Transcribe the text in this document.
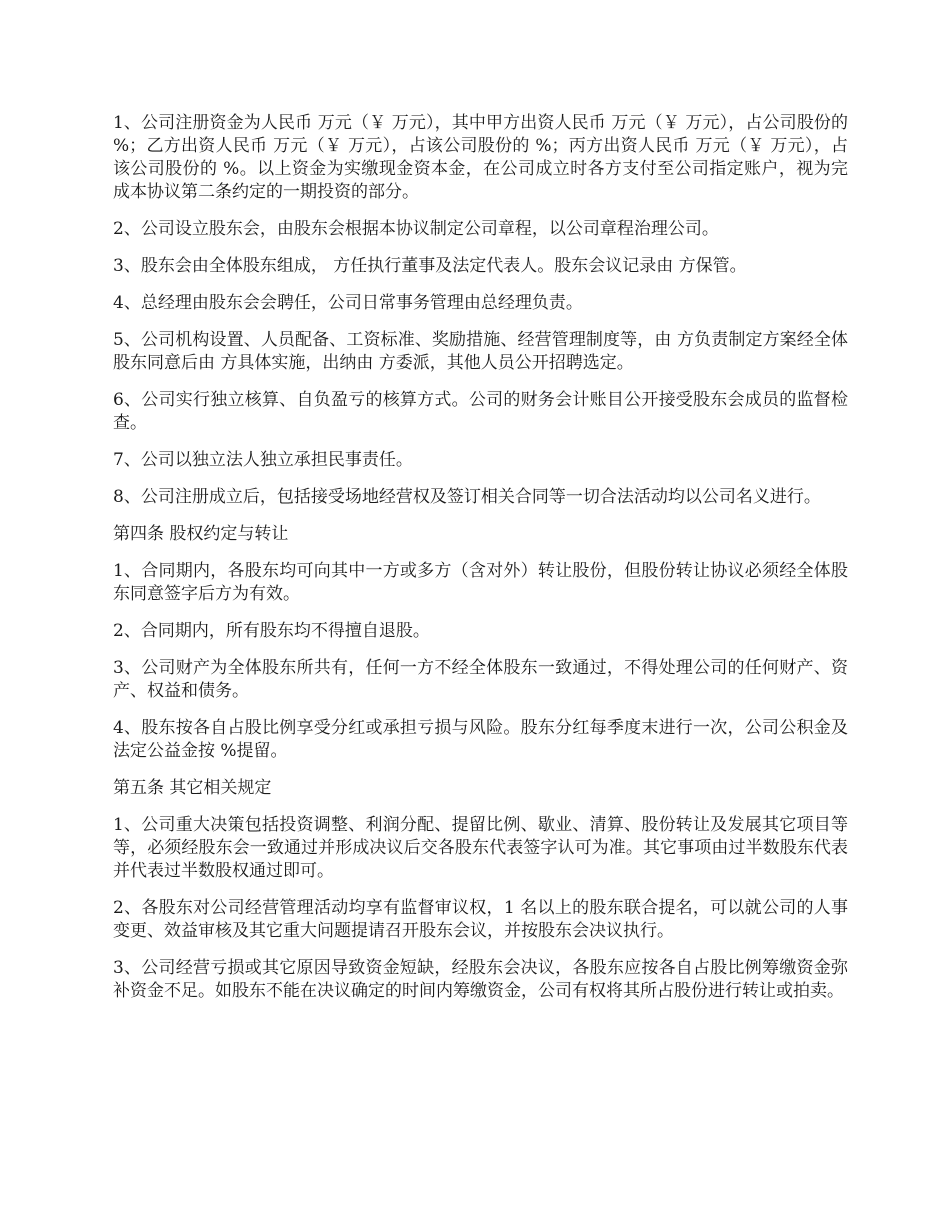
1、公司注册资金为人民币 万元（￥ 万元），其中甲方出资人民币 万元（￥ 万元），占公司股份的 %；乙方出资人民币 万元（￥ 万元），占该公司股份的 %；丙方出资人民币 万元（￥ 万元），占该公司股份的 %。以上资金为实缴现金资本金，在公司成立时各方支付至公司指定账户，视为完成本协议第二条约定的一期投资的部分。

2、公司设立股东会，由股东会根据本协议制定公司章程，以公司章程治理公司。

3、股东会由全体股东组成， 方任执行董事及法定代表人。股东会议记录由 方保管。

4、总经理由股东会会聘任，公司日常事务管理由总经理负责。

5、公司机构设置、人员配备、工资标准、奖励措施、经营管理制度等，由 方负责制定方案经全体股东同意后由 方具体实施，出纳由 方委派，其他人员公开招聘选定。

6、公司实行独立核算、自负盈亏的核算方式。公司的财务会计账目公开接受股东会成员的监督检查。

7、公司以独立法人独立承担民事责任。

8、公司注册成立后，包括接受场地经营权及签订相关合同等一切合法活动均以公司名义进行。

第四条 股权约定与转让

1、合同期内，各股东均可向其中一方或多方（含对外）转让股份，但股份转让协议必须经全体股东同意签字后方为有效。

2、合同期内，所有股东均不得擅自退股。

3、公司财产为全体股东所共有，任何一方不经全体股东一致通过，不得处理公司的任何财产、资产、权益和债务。

4、股东按各自占股比例享受分红或承担亏损与风险。股东分红每季度末进行一次，公司公积金及法定公益金按 %提留。

第五条 其它相关规定

1、公司重大决策包括投资调整、利润分配、提留比例、歇业、清算、股份转让及发展其它项目等等，必须经股东会一致通过并形成决议后交各股东代表签字认可为准。其它事项由过半数股东代表并代表过半数股权通过即可。

2、各股东对公司经营管理活动均享有监督审议权，1 名以上的股东联合提名，可以就公司的人事变更、效益审核及其它重大问题提请召开股东会议，并按股东会决议执行。

3、公司经营亏损或其它原因导致资金短缺，经股东会决议，各股东应按各自占股比例筹缴资金弥补资金不足。如股东不能在决议确定的时间内筹缴资金，公司有权将其所占股份进行转让或拍卖。
